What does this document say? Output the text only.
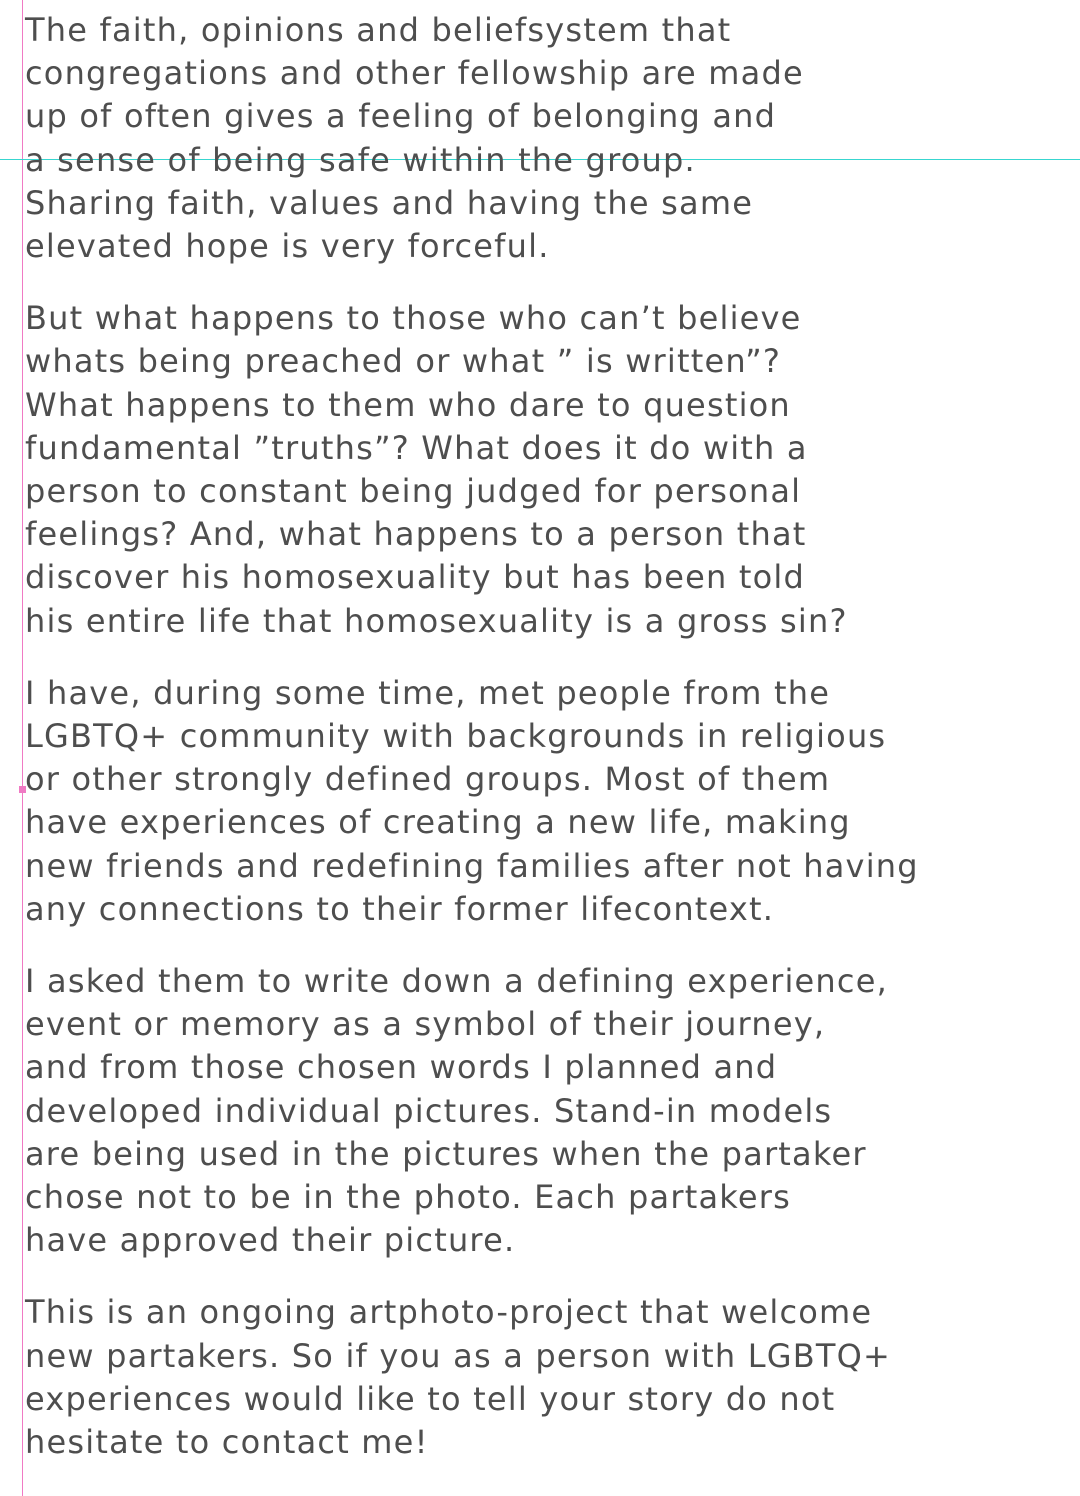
The faith, opinions and beliefsystem that
congregations and other fellowship are made
up of often gives a feeling of belonging and
a sense of being safe within the group.
Sharing faith, values and having the same
elevated hope is very forceful.

But what happens to those who can’t believe
whats being preached or what ” is written”?
What happens to them who dare to question
fundamental ”truths”? What does it do with a
person to constant being judged for personal
feelings? And, what happens to a person that
discover his homosexuality but has been told
his entire life that homosexuality is a gross sin?

I have, during some time, met people from the
LGBTQ+ community with backgrounds in religious
or other strongly defined groups. Most of them
have experiences of creating a new life, making
new friends and redefining families after not having
any connections to their former lifecontext.

I asked them to write down a defining experience,
event or memory as a symbol of their journey,
and from those chosen words I planned and
developed individual pictures. Stand-in models
are being used in the pictures when the partaker
chose not to be in the photo. Each partakers
have approved their picture.

This is an ongoing artphoto-project that welcome
new partakers. So if you as a person with LGBTQ+
experiences would like to tell your story do not
hesitate to contact me!
